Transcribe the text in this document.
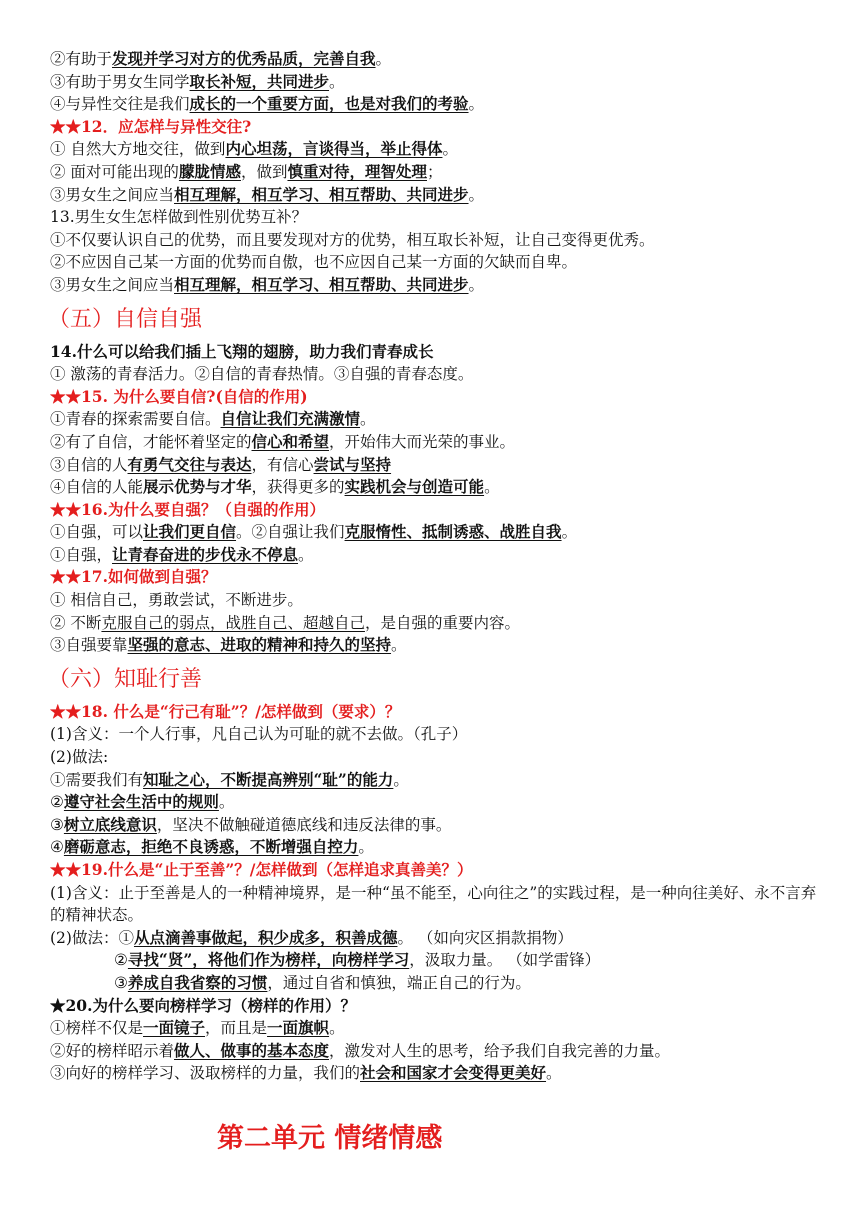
②有助于发现并学习对方的优秀品质，完善自我。
③有助于男女生同学取长补短，共同进步。
④与异性交往是我们成长的一个重要方面，也是对我们的考验。
★★12．应怎样与异性交往?
① 自然大方地交往，做到内心坦荡，言谈得当，举止得体。
② 面对可能出现的朦胧情感，做到慎重对待，理智处理；
③男女生之间应当相互理解，相互学习、相互帮助、共同进步。
13.男生女生怎样做到性别优势互补？
①不仅要认识自己的优势，而且要发现对方的优势，相互取长补短，让自己变得更优秀。
②不应因自己某一方面的优势而自傲，也不应因自己某一方面的欠缺而自卑。
③男女生之间应当相互理解，相互学习、相互帮助、共同进步。
（五）自信自强
14.什么可以给我们插上飞翔的翅膀，助力我们青春成长
① 激荡的青春活力。②自信的青春热情。③自强的青春态度。
★★15. 为什么要自信?(自信的作用)
①青春的探索需要自信。自信让我们充满激情。
②有了自信，才能怀着坚定的信心和希望，开始伟大而光荣的事业。
③自信的人有勇气交往与表达，有信心尝试与坚持
④自信的人能展示优势与才华，获得更多的实践机会与创造可能。
★★16.为什么要自强？（自强的作用）
①自强，可以让我们更自信。②自强让我们克服惰性、抵制诱惑、战胜自我。
①自强，让青春奋进的步伐永不停息。
★★17.如何做到自强？
① 相信自己，勇敢尝试，不断进步。
② 不断克服自己的弱点，战胜自己、超越自己，是自强的重要内容。
③自强要靠坚强的意志、进取的精神和持久的坚持。
（六）知耻行善
★★18. 什么是“行己有耻”？/怎样做到（要求）？
(1)含义：一个人行事，凡自己认为可耻的就不去做。（孔子）
(2)做法:
①需要我们有知耻之心，不断提高辨别“耻”的能力。
②遵守社会生活中的规则。
③树立底线意识，坚决不做触碰道德底线和违反法律的事。
④磨砺意志，拒绝不良诱惑，不断增强自控力。
★★19.什么是“止于至善”？/怎样做到（怎样追求真善美？）
(1)含义：止于至善是人的一种精神境界，是一种“虽不能至，心向往之”的实践过程，是一种向往美好、永不言弃的精神状态。
(2)做法：①从点滴善事做起，积少成多，积善成德。 （如向灾区捐款捐物）
②寻找“贤”，将他们作为榜样，向榜样学习，汲取力量。 （如学雷锋）
③养成自我省察的习惯，通过自省和慎独，端正自己的行为。
★20.为什么要向榜样学习（榜样的作用）？
①榜样不仅是一面镜子，而且是一面旗帜。
②好的榜样昭示着做人、做事的基本态度，激发对人生的思考，给予我们自我完善的力量。
③向好的榜样学习、汲取榜样的力量，我们的社会和国家才会变得更美好。
第二单元 情绪情感
